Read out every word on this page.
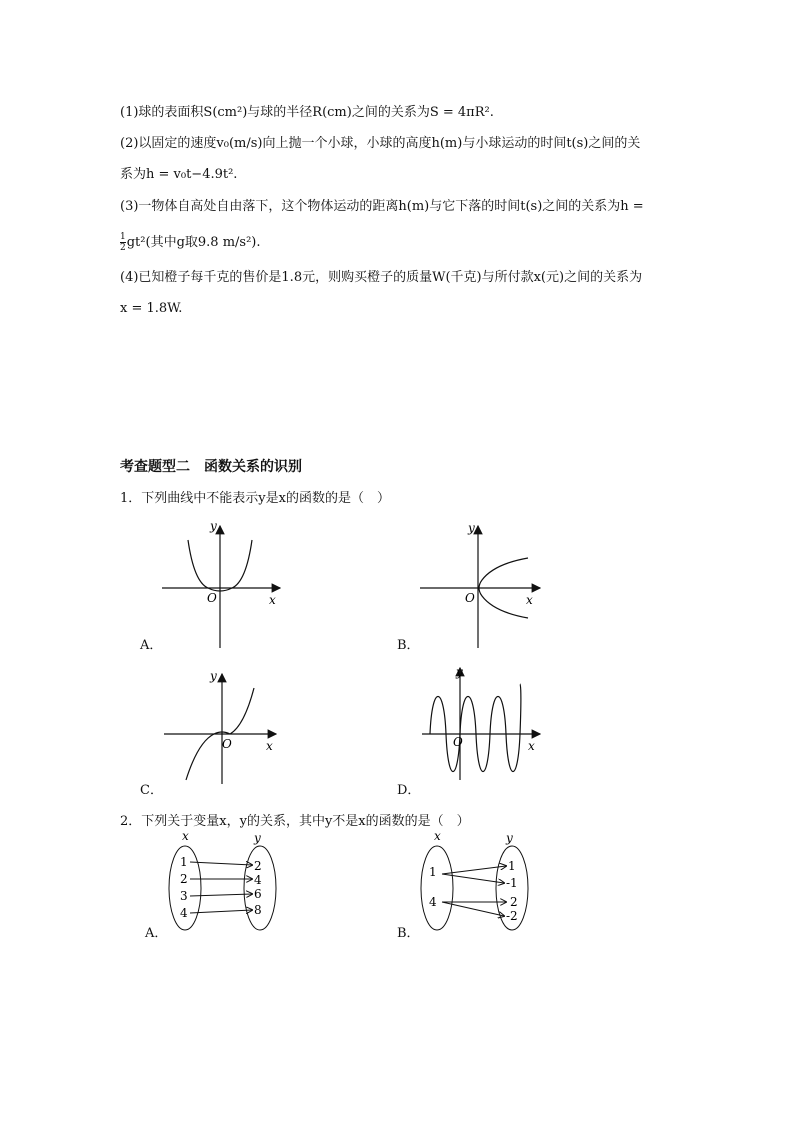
(1)球的表面积S(cm²)与球的半径R(cm)之间的关系为S = 4πR².
(2)以固定的速度v₀(m/s)向上抛一个小球，小球的高度h(m)与小球运动的时间t(s)之间的关
系为h = v₀t−4.9t².
(3)一物体自高处自由落下，这个物体运动的距离h(m)与它下落的时间t(s)之间的关系为h =
$\frac{1}{2} gt^2$(其中g取9.8 m/s²).
(4)已知橙子每千克的售价是1.8元，则购买橙子的质量W(千克)与所付款x(元)之间的关系为
x = 1.8W.
考查题型二　函数关系的识别
1．下列曲线中不能表示y是x的函数的是（　）
y
O	x
A．
y
O	x
B．
y
O	x
C．
y
O	x
D．
2．下列关于变量x，y的关系，其中y不是x的函数的是（　）
x	y
1
2
3
4
2
4
6
8
A．
x	y
1
4
1
-1
2
-2
B．
